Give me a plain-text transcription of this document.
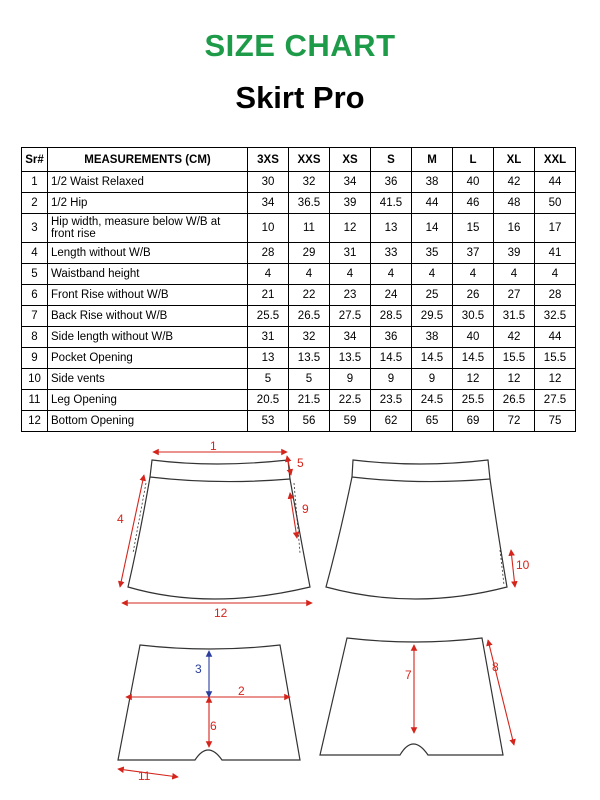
SIZE CHART
Skirt Pro
Sr#	MEASUREMENTS (CM)	3XS	XXS	XS	S	M	L	XL	XXL
1	1/2 Waist Relaxed	30	32	34	36	38	40	42	44
2	1/2 Hip	34	36.5	39	41.5	44	46	48	50
3	Hip width, measure below W/B at front rise	10	11	12	13	14	15	16	17
4	Length without W/B	28	29	31	33	35	37	39	41
5	Waistband height	4	4	4	4	4	4	4	4
6	Front Rise without W/B	21	22	23	24	25	26	27	28
7	Back Rise without W/B	25.5	26.5	27.5	28.5	29.5	30.5	31.5	32.5
8	Side length without W/B	31	32	34	36	38	40	42	44
9	Pocket Opening	13	13.5	13.5	14.5	14.5	14.5	15.5	15.5
10	Side vents	5	5	9	9	9	12	12	12
11	Leg Opening	20.5	21.5	22.5	23.5	24.5	25.5	26.5	27.5
12	Bottom Opening	53	56	59	62	65	69	72	75
1
5
4
9
12
10
2
6
11
7
8
3
